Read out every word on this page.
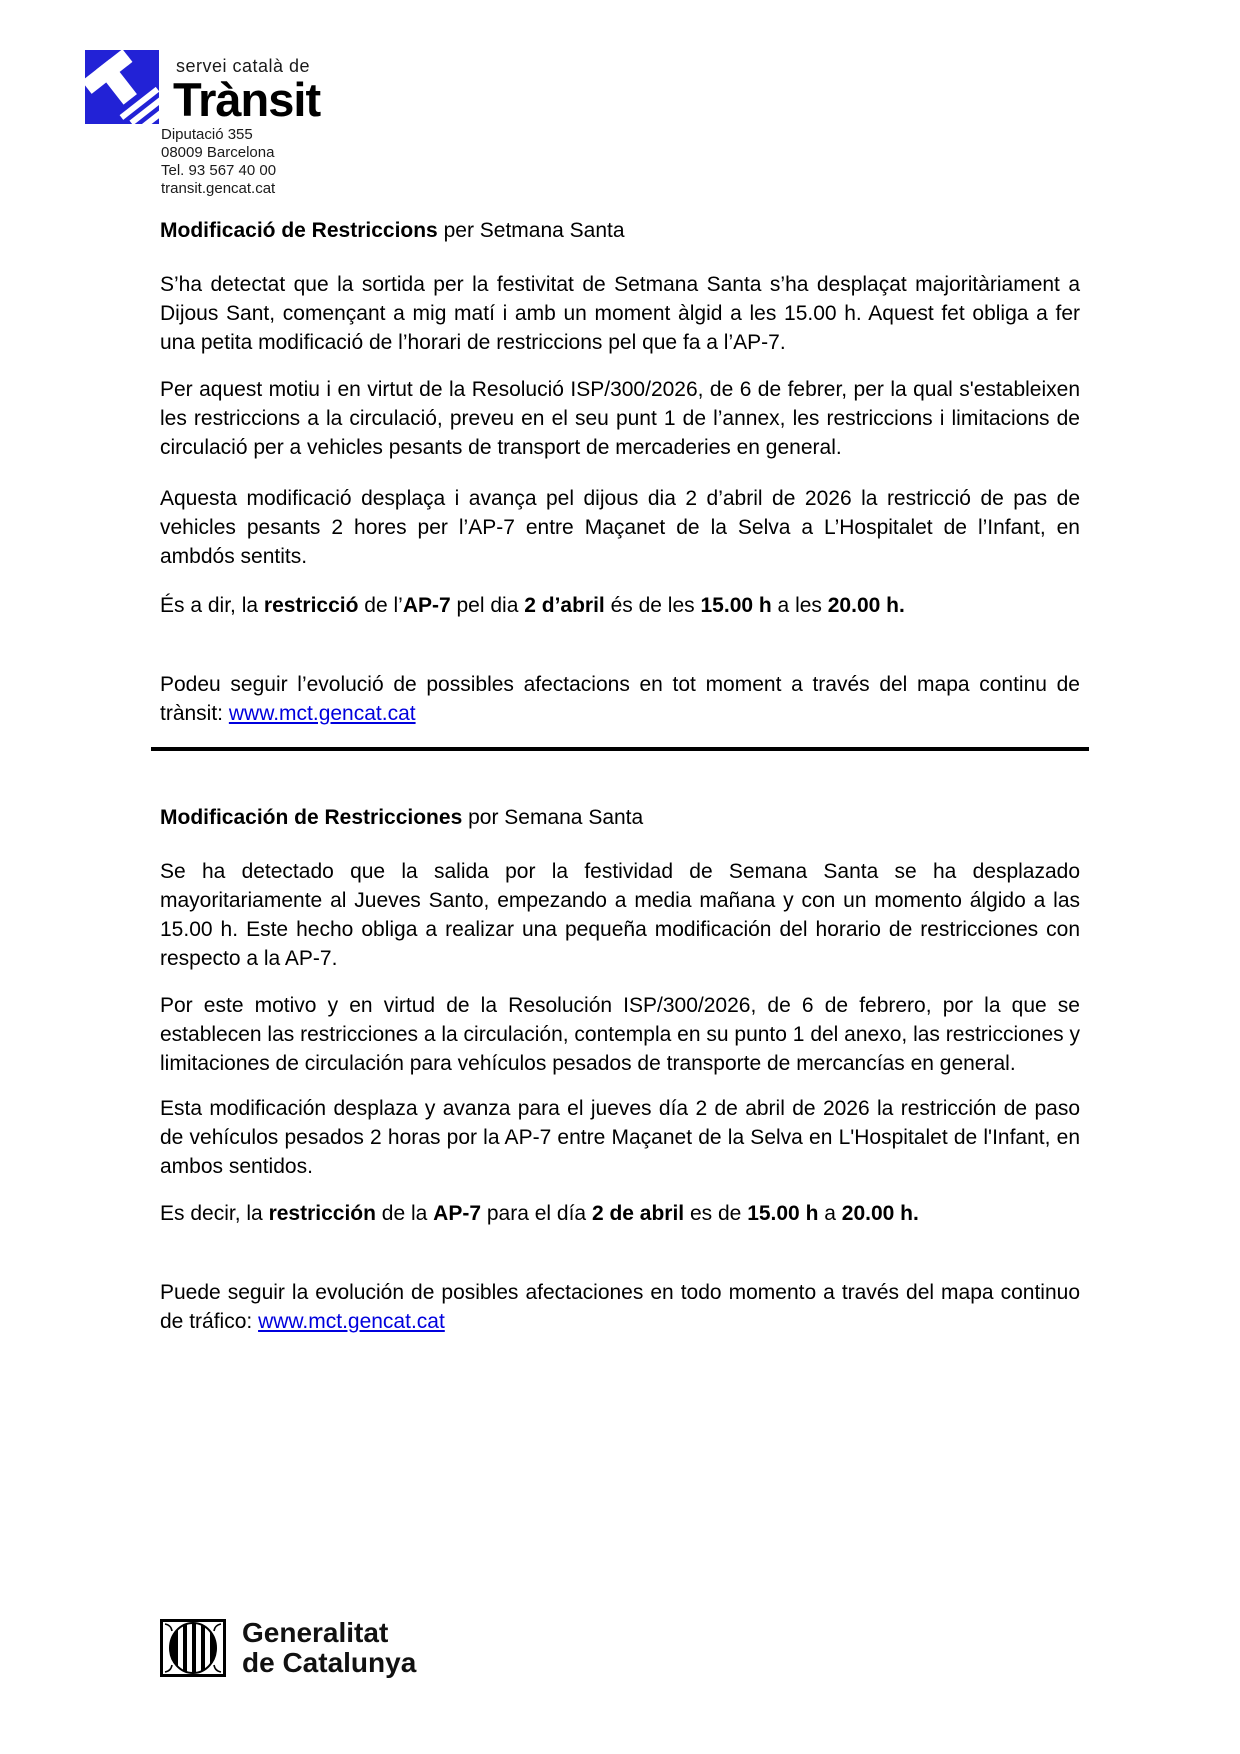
servei català de
Trànsit
Diputació 355
08009 Barcelona
Tel. 93 567 40 00
transit.gencat.cat
Modificació de Restriccions per Setmana Santa

S’ha detectat que la sortida per la festivitat de Setmana Santa s’ha desplaçat majoritàriament a Dijous Sant, començant a mig matí i amb un moment àlgid a les 15.00 h. Aquest fet obliga a fer una petita modificació de l’horari de restriccions pel que fa a l’AP-7.

Per aquest motiu i en virtut de la Resolució ISP/300/2026, de 6 de febrer, per la qual s'estableixen les restriccions a la circulació, preveu en el seu punt 1 de l’annex, les restriccions i limitacions de circulació per a vehicles pesants de transport de mercaderies en general.

Aquesta modificació desplaça i avança pel dijous dia 2 d’abril de 2026 la restricció de pas de vehicles pesants 2 hores per l’AP-7 entre Maçanet de la Selva a L’Hospitalet de l’Infant, en ambdós sentits.

És a dir, la restricció de l’AP-7 pel dia 2 d’abril és de les 15.00 h a les 20.00 h.

Podeu seguir l’evolució de possibles afectacions en tot moment a través del mapa continu de trànsit: www.mct.gencat.cat

Modificación de Restricciones por Semana Santa

Se ha detectado que la salida por la festividad de Semana Santa se ha desplazado mayoritariamente al Jueves Santo, empezando a media mañana y con un momento álgido a las 15.00 h. Este hecho obliga a realizar una pequeña modificación del horario de restricciones con respecto a la AP-7.

Por este motivo y en virtud de la Resolución ISP/300/2026, de 6 de febrero, por la que se establecen las restricciones a la circulación, contempla en su punto 1 del anexo, las restricciones y limitaciones de circulación para vehículos pesados de transporte de mercancías en general.

Esta modificación desplaza y avanza para el jueves día 2 de abril de 2026 la restricción de paso de vehículos pesados 2 horas por la AP-7 entre Maçanet de la Selva en L'Hospitalet de l'Infant, en ambos sentidos.

Es decir, la restricción de la AP-7 para el día 2 de abril es de 15.00 h a 20.00 h.

Puede seguir la evolución de posibles afectaciones en todo momento a través del mapa continuo de tráfico: www.mct.gencat.cat

Generalitat
de Catalunya
